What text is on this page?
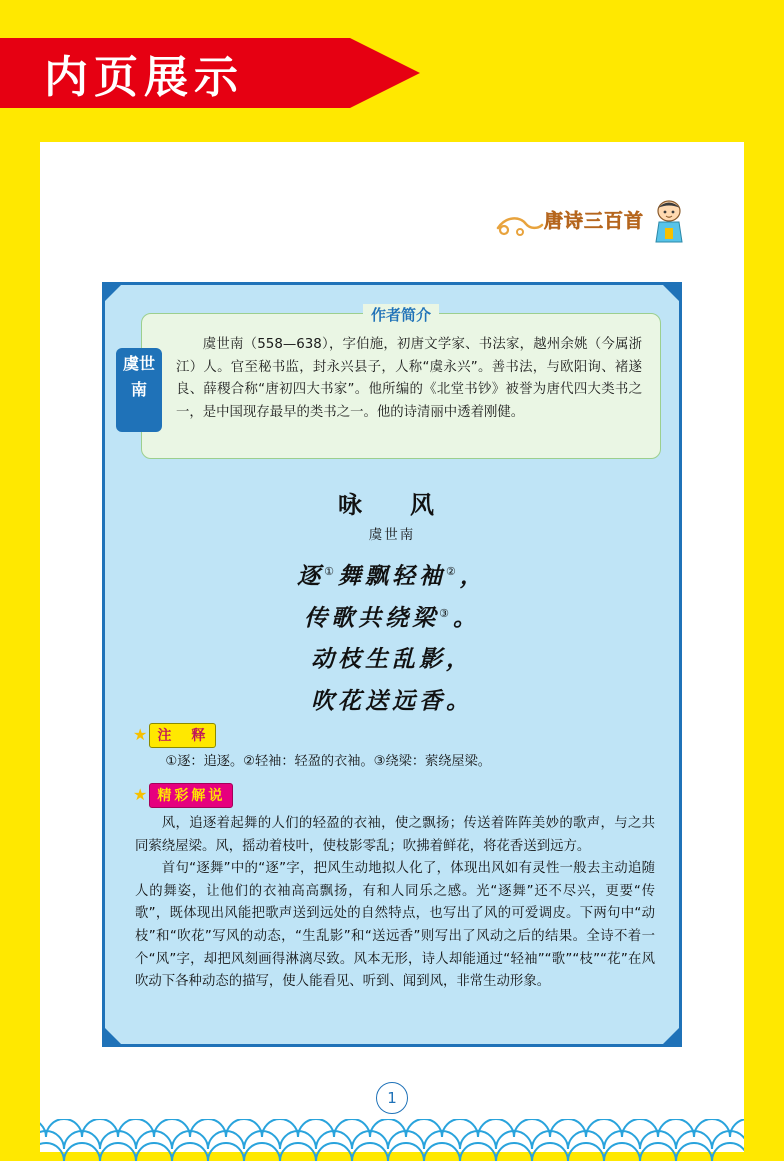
内页展示
唐诗三百首
作者简介
虞世南
虞世南（558—638），字伯施，初唐文学家、书法家，越州余姚（今属浙江）人。官至秘书监，封永兴县子，人称“虞永兴”。善书法，与欧阳询、褚遂良、薛稷合称“唐初四大书家”。他所编的《北堂书钞》被誉为唐代四大类书之一，是中国现存最早的类书之一。他的诗清丽中透着刚健。
咏　风
虞世南
逐①舞飘轻袖②，
传歌共绕梁③。
动枝生乱影，
吹花送远香。
★ 注　释
①逐：追逐。②轻袖：轻盈的衣袖。③绕梁：萦绕屋梁。
★ 精彩解说

风，追逐着起舞的人们的轻盈的衣袖，使之飘扬；传送着阵阵美妙的歌声，与之共同萦绕屋梁。风，摇动着枝叶，使枝影零乱；吹拂着鲜花，将花香送到远方。

首句“逐舞”中的“逐”字，把风生动地拟人化了，体现出风如有灵性一般去主动追随人的舞姿，让他们的衣袖高高飘扬，有和人同乐之感。光“逐舞”还不尽兴，更要“传歌”，既体现出风能把歌声送到远处的自然特点，也写出了风的可爱调皮。下两句中“动枝”和“吹花”写风的动态，“生乱影”和“送远香”则写出了风动之后的结果。全诗不着一个“风”字，却把风刻画得淋漓尽致。风本无形，诗人却能通过“轻袖”“歌”“枝”“花”在风吹动下各种动态的描写，使人能看见、听到、闻到风，非常生动形象。

1
